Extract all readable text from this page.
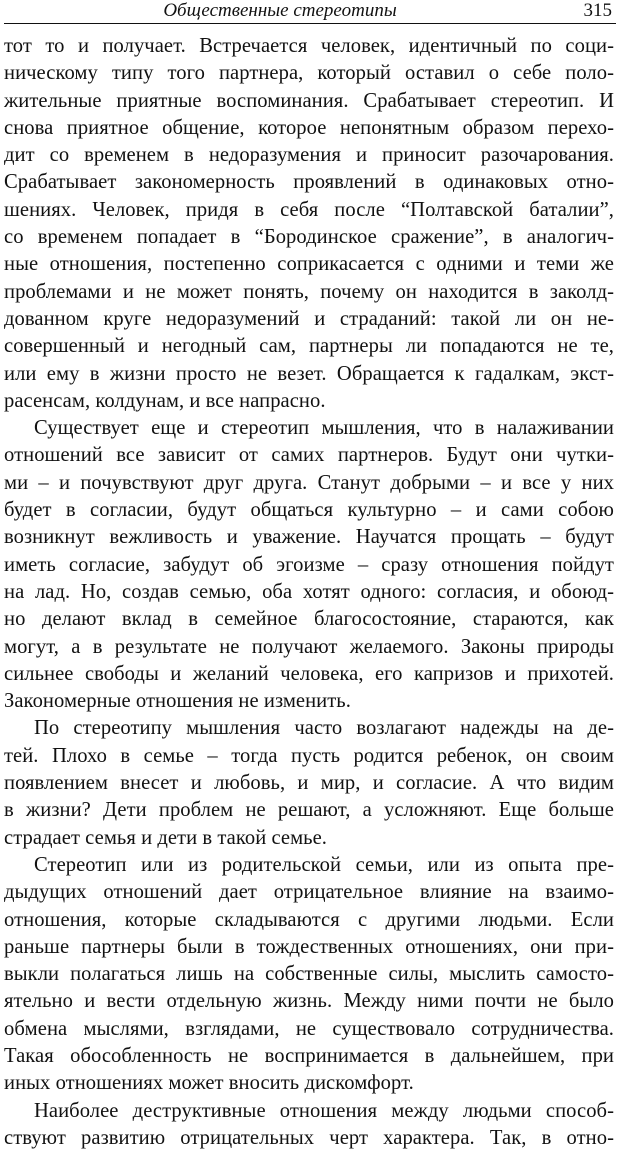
Общественные стереотипы	315
тот то и получает. Встречается человек, идентичный по соци-
ническому типу того партнера, который оставил о себе поло-
жительные приятные воспоминания. Срабатывает стереотип. И
снова приятное общение, которое непонятным образом перехо-
дит со временем в недоразумения и приносит разочарования.
Срабатывает закономерность проявлений в одинаковых отно-
шениях. Человек, придя в себя после “Полтавской баталии”,
со временем попадает в “Бородинское сражение”, в аналогич-
ные отношения, постепенно соприкасается с одними и теми же
проблемами и не может понять, почему он находится в заколд-
дованном круге недоразумений и страданий: такой ли он не-
совершенный и негодный сам, партнеры ли попадаются не те,
или ему в жизни просто не везет. Обращается к гадалкам, экст-
расенсам, колдунам, и все напрасно.
Существует еще и стереотип мышления, что в налаживании
отношений все зависит от самих партнеров. Будут они чутки-
ми – и почувствуют друг друга. Станут добрыми – и все у них
будет в согласии, будут общаться культурно – и сами собою
возникнут вежливость и уважение. Научатся прощать – будут
иметь согласие, забудут об эгоизме – сразу отношения пойдут
на лад. Но, создав семью, оба хотят одного: согласия, и обоюд-
но делают вклад в семейное благосостояние, стараются, как
могут, а в результате не получают желаемого. Законы природы
сильнее свободы и желаний человека, его капризов и прихотей.
Закономерные отношения не изменить.
По стереотипу мышления часто возлагают надежды на де-
тей. Плохо в семье – тогда пусть родится ребенок, он своим
появлением внесет и любовь, и мир, и согласие. А что видим
в жизни? Дети проблем не решают, а усложняют. Еще больше
страдает семья и дети в такой семье.
Стереотип или из родительской семьи, или из опыта пре-
дыдущих отношений дает отрицательное влияние на взаимо-
отношения, которые складываются с другими людьми. Если
раньше партнеры были в тождественных отношениях, они при-
выкли полагаться лишь на собственные силы, мыслить самосто-
ятельно и вести отдельную жизнь. Между ними почти не было
обмена мыслями, взглядами, не существовало сотрудничества.
Такая обособленность не воспринимается в дальнейшем, при
иных отношениях может вносить дискомфорт.
Наиболее деструктивные отношения между людьми способ-
ствуют развитию отрицательных черт характера. Так, в отно-
